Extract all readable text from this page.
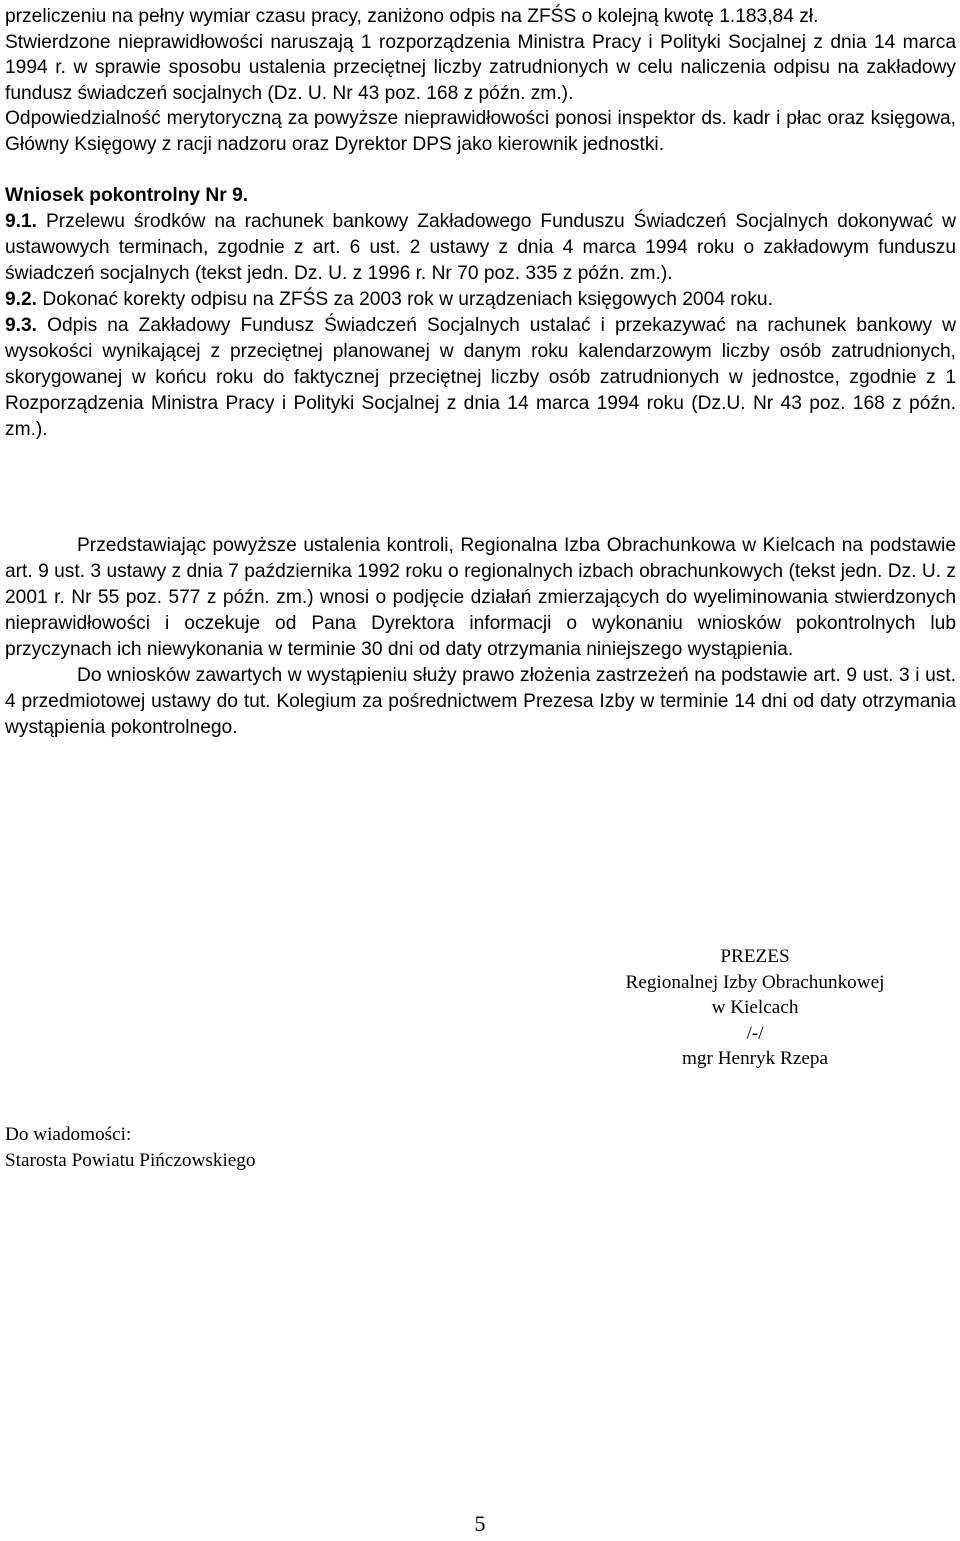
przeliczeniu na pełny wymiar czasu pracy, zaniżono odpis na ZFŚS o kolejną kwotę 1.183,84 zł.

Stwierdzone nieprawidłowości naruszają 1 rozporządzenia Ministra Pracy i Polityki Socjalnej z dnia 14 marca 1994 r. w sprawie sposobu ustalenia przeciętnej liczby zatrudnionych w celu naliczenia odpisu na zakładowy fundusz świadczeń socjalnych (Dz. U. Nr 43 poz. 168 z późn. zm.).

Odpowiedzialność merytoryczną za powyższe nieprawidłowości ponosi inspektor ds. kadr i płac oraz księgowa, Główny Księgowy z racji nadzoru oraz Dyrektor DPS jako kierownik jednostki.

Wniosek pokontrolny Nr 9.

9.1. Przelewu środków na rachunek bankowy Zakładowego Funduszu Świadczeń Socjalnych dokonywać w ustawowych terminach, zgodnie z art. 6 ust. 2 ustawy z dnia 4 marca 1994 roku o zakładowym funduszu świadczeń socjalnych (tekst jedn. Dz. U. z 1996 r. Nr 70 poz. 335 z późn. zm.).

9.2. Dokonać korekty odpisu na ZFŚS za 2003 rok w urządzeniach księgowych 2004 roku.

9.3. Odpis na Zakładowy Fundusz Świadczeń Socjalnych ustalać i przekazywać na rachunek bankowy w wysokości wynikającej z przeciętnej planowanej w danym roku kalendarzowym liczby osób zatrudnionych, skorygowanej w końcu roku do faktycznej przeciętnej liczby osób zatrudnionych w jednostce, zgodnie z 1 Rozporządzenia Ministra Pracy i Polityki Socjalnej z dnia 14 marca 1994 roku (Dz.U. Nr 43 poz. 168 z późn. zm.).

Przedstawiając powyższe ustalenia kontroli, Regionalna Izba Obrachunkowa w Kielcach na podstawie art. 9 ust. 3 ustawy z dnia 7 października 1992 roku o regionalnych izbach obrachunkowych (tekst jedn. Dz. U. z 2001 r. Nr 55 poz. 577 z późn. zm.) wnosi o podjęcie działań zmierzających do wyeliminowania stwierdzonych nieprawidłowości i oczekuje od Pana Dyrektora informacji o wykonaniu wniosków pokontrolnych lub przyczynach ich niewykonania w terminie 30 dni od daty otrzymania niniejszego wystąpienia.

Do wniosków zawartych w wystąpieniu służy prawo złożenia zastrzeżeń na podstawie art. 9 ust. 3 i ust. 4 przedmiotowej ustawy do tut. Kolegium za pośrednictwem Prezesa Izby w terminie 14 dni od daty otrzymania wystąpienia pokontrolnego.

PREZES
Regionalnej Izby Obrachunkowej
w Kielcach
/-/
mgr Henryk Rzepa
Do wiadomości:
Starosta Powiatu Pińczowskiego
5
